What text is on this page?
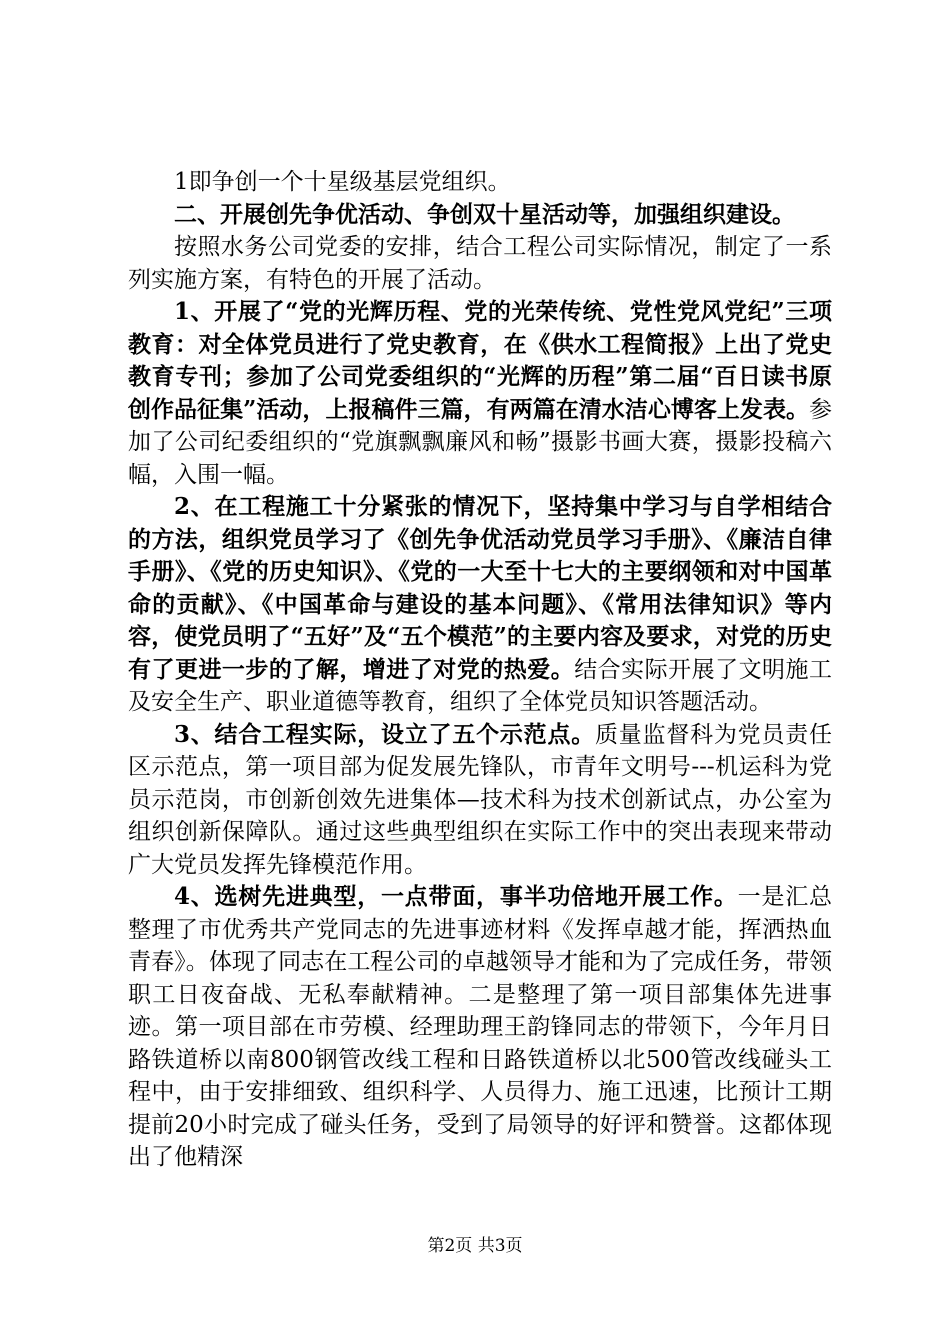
1即争创一个十星级基层党组织。

二、开展创先争优活动、争创双十星活动等，加强组织建设。

按照水务公司党委的安排，结合工程公司实际情况，制定了一系列实施方案，有特色的开展了活动。

1、开展了“党的光辉历程、党的光荣传统、党性党风党纪”三项教育：对全体党员进行了党史教育，在《供水工程简报》上出了党史教育专刊；参加了公司党委组织的“光辉的历程”第二届“百日读书原创作品征集”活动，上报稿件三篇，有两篇在清水洁心博客上发表。参加了公司纪委组织的“党旗飘飘廉风和畅”摄影书画大赛，摄影投稿六幅，入围一幅。

2、在工程施工十分紧张的情况下，坚持集中学习与自学相结合的方法，组织党员学习了《创先争优活动党员学习手册》、《廉洁自律手册》、《党的历史知识》、《党的一大至十七大的主要纲领和对中国革命的贡献》、《中国革命与建设的基本问题》、《常用法律知识》等内容，使党员明了“五好”及“五个模范”的主要内容及要求，对党的历史有了更进一步的了解，增进了对党的热爱。结合实际开展了文明施工及安全生产、职业道德等教育，组织了全体党员知识答题活动。

3、结合工程实际，设立了五个示范点。质量监督科为党员责任区示范点，第一项目部为促发展先锋队，市青年文明号---机运科为党员示范岗，市创新创效先进集体—技术科为技术创新试点，办公室为组织创新保障队。通过这些典型组织在实际工作中的突出表现来带动广大党员发挥先锋模范作用。

4、选树先进典型，一点带面，事半功倍地开展工作。一是汇总整理了市优秀共产党同志的先进事迹材料《发挥卓越才能，挥洒热血青春》。体现了同志在工程公司的卓越领导才能和为了完成任务，带领职工日夜奋战、无私奉献精神。二是整理了第一项目部集体先进事迹。第一项目部在市劳模、经理助理王韵锋同志的带领下，今年月日路铁道桥以南800钢管改线工程和日路铁道桥以北500管改线碰头工程中，由于安排细致、组织科学、人员得力、施工迅速，比预计工期提前20小时完成了碰头任务，受到了局领导的好评和赞誉。这都体现出了他精深

第2页 共3页
